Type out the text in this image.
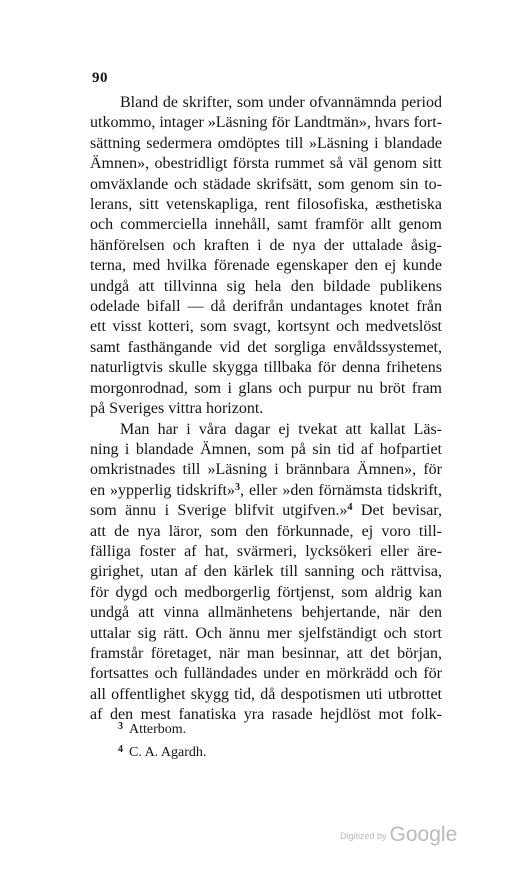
90
Bland de skrifter, som under ofvannämnda period
utkommo, intager »Läsning för Landtmän», hvars fort-
sättning sedermera omdöptes till »Läsning i blandade
Ämnen», obestridligt första rummet så väl genom sitt
omväxlande och städade skrifsätt, som genom sin to-
lerans, sitt vetenskapliga, rent filosofiska, æsthetiska
och commerciella innehåll, samt framför allt genom
hänförelsen och kraften i de nya der uttalade åsig-
terna, med hvilka förenade egenskaper den ej kunde
undgå att tillvinna sig hela den bildade publikens
odelade bifall — då derifrån undantages knotet från
ett visst kotteri, som svagt, kortsynt och medvetslöst
samt fasthängande vid det sorgliga envåldssystemet,
naturligtvis skulle skygga tillbaka för denna frihetens
morgonrodnad, som i glans och purpur nu bröt fram
på Sveriges vittra horizont.
Man har i våra dagar ej tvekat att kallat Läs-
ning i blandade Ämnen, som på sin tid af hofpartiet
omkristnades till »Läsning i brännbara Ämnen», för
en »ypperlig tidskrift»$^3$, eller »den förnämsta tidskrift,
som ännu i Sverige blifvit utgifven.»$^4$ Det bevisar,
att de nya läror, som den förkunnade, ej voro till-
fälliga foster af hat, svärmeri, lycksökeri eller äre-
girighet, utan af den kärlek till sanning och rättvisa,
för dygd och medborgerlig förtjenst, som aldrig kan
undgå att vinna allmänhetens behjertande, när den
uttalar sig rätt. Och ännu mer sjelfständigt och stort
framstår företaget, när man besinnar, att det början,
fortsattes och fulländades under en mörkrädd och för
all offentlighet skygg tid, då despotismen uti utbrottet
af den mest fanatiska yra rasade hejdlöst mot folk-
$^3$ Atterbom.
$^4$ C. A. Agardh.
Digitized by Google
